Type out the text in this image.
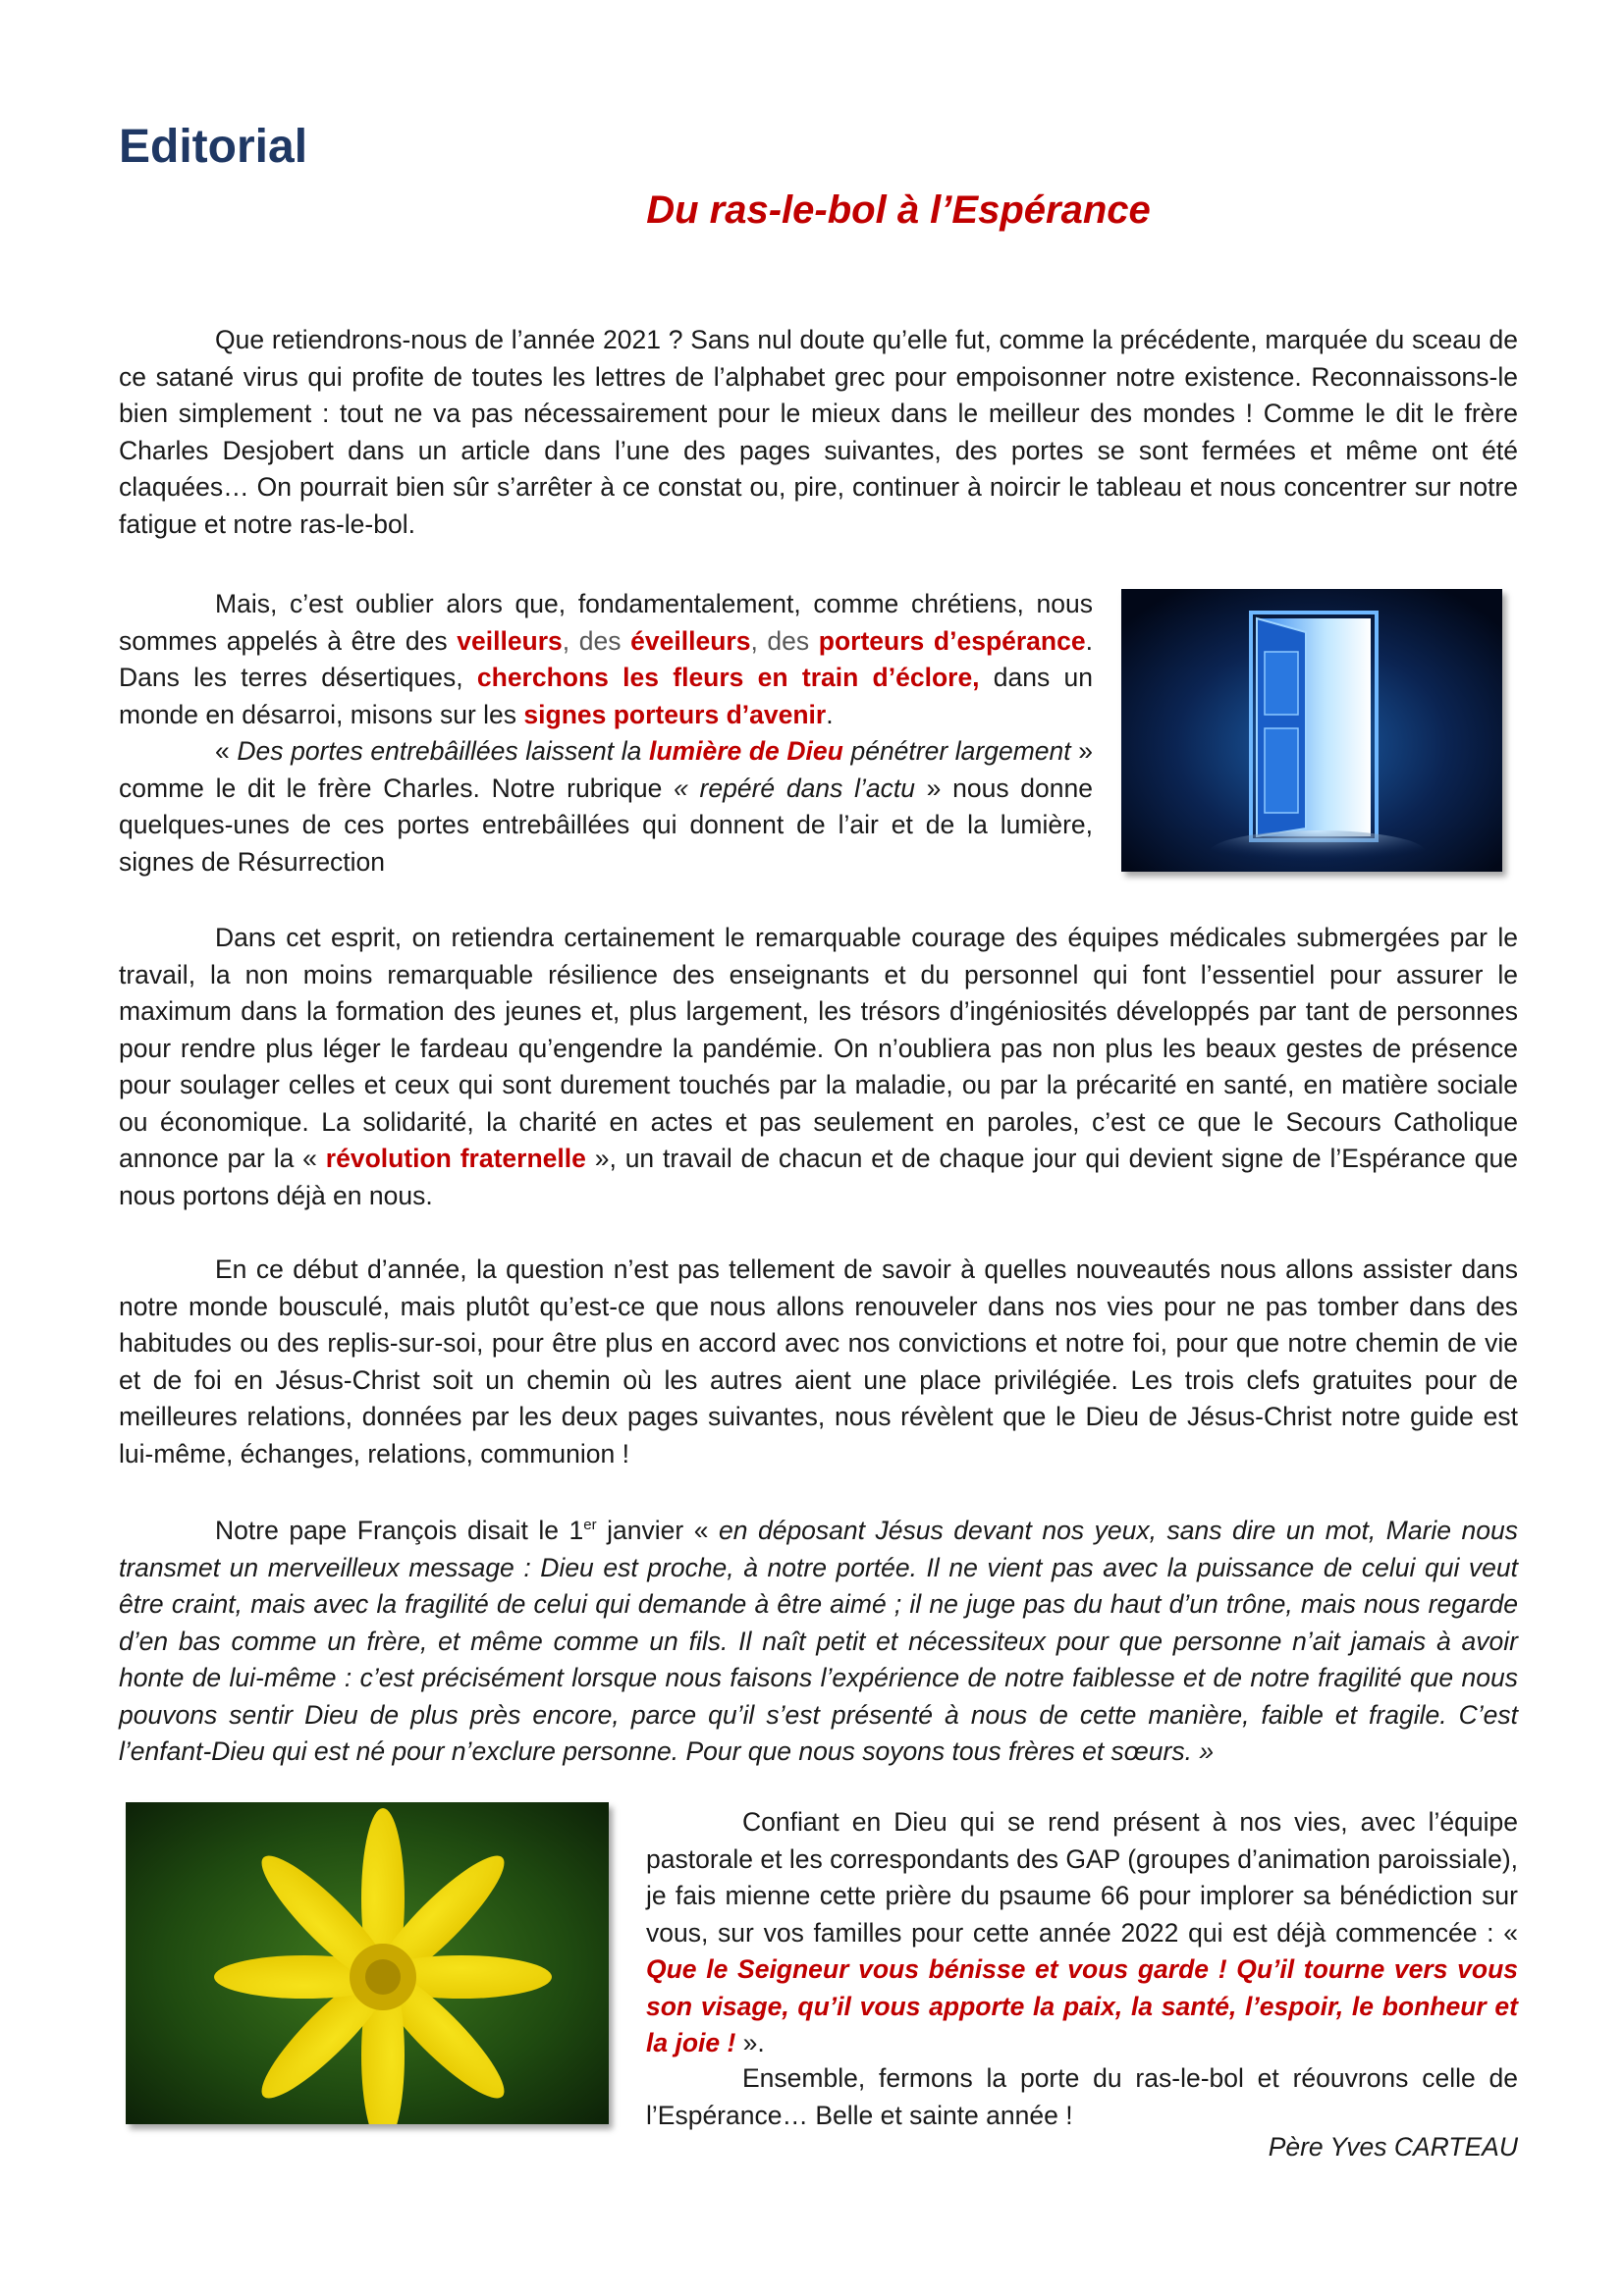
Editorial
Du ras-le-bol à l’Espérance

Que retiendrons-nous de l’année 2021 ? Sans nul doute qu’elle fut, comme la précédente, marquée du sceau de ce satané virus qui profite de toutes les lettres de l’alphabet grec pour empoisonner notre existence. Reconnaissons-le bien simplement : tout ne va pas nécessairement pour le mieux dans le meilleur des mondes ! Comme le dit le frère Charles Desjobert dans un article dans l’une des pages suivantes, des portes se sont fermées et même ont été claquées… On pourrait bien sûr s’arrêter à ce constat ou, pire, continuer à noircir le tableau et nous concentrer sur notre fatigue et notre ras-le-bol.

Mais, c’est oublier alors que, fondamentalement, comme chrétiens, nous sommes appelés à être des veilleurs, des éveilleurs, des porteurs d’espérance. Dans les terres désertiques, cherchons les fleurs en train d’éclore, dans un monde en désarroi, misons sur les signes porteurs d’avenir.
« Des portes entrebâillées laissent la lumière de Dieu pénétrer largement » comme le dit le frère Charles. Notre rubrique « repéré dans l’actu » nous donne quelques-unes de ces portes entrebâillées qui donnent de l’air et de la lumière, signes de Résurrection

Dans cet esprit, on retiendra certainement le remarquable courage des équipes médicales submergées par le travail, la non moins remarquable résilience des enseignants et du personnel qui font l’essentiel pour assurer le maximum dans la formation des jeunes et, plus largement, les trésors d’ingéniosités développés par tant de personnes pour rendre plus léger le fardeau qu’engendre la pandémie. On n’oubliera pas non plus les beaux gestes de présence pour soulager celles et ceux qui sont durement touchés par la maladie, ou par la précarité en santé, en matière sociale ou économique. La solidarité, la charité en actes et pas seulement en paroles, c’est ce que le Secours Catholique annonce par la « révolution fraternelle », un travail de chacun et de chaque jour qui devient signe de l’Espérance que nous portons déjà en nous.

En ce début d’année, la question n’est pas tellement de savoir à quelles nouveautés nous allons assister dans notre monde bousculé, mais plutôt qu’est-ce que nous allons renouveler dans nos vies pour ne pas tomber dans des habitudes ou des replis-sur-soi, pour être plus en accord avec nos convictions et notre foi, pour que notre chemin de vie et de foi en Jésus-Christ soit un chemin où les autres aient une place privilégiée. Les trois clefs gratuites pour de meilleures relations, données par les deux pages suivantes, nous révèlent que le Dieu de Jésus-Christ notre guide est lui-même, échanges, relations, communion !

Notre pape François disait le 1er janvier « en déposant Jésus devant nos yeux, sans dire un mot, Marie nous transmet un merveilleux message : Dieu est proche, à notre portée. Il ne vient pas avec la puissance de celui qui veut être craint, mais avec la fragilité de celui qui demande à être aimé ; il ne juge pas du haut d’un trône, mais nous regarde d’en bas comme un frère, et même comme un fils. Il naît petit et nécessiteux pour que personne n’ait jamais à avoir honte de lui-même : c’est précisément lorsque nous faisons l’expérience de notre faiblesse et de notre fragilité que nous pouvons sentir Dieu de plus près encore, parce qu’il s’est présenté à nous de cette manière, faible et fragile. C’est l’enfant-Dieu qui est né pour n’exclure personne. Pour que nous soyons tous frères et sœurs. »

Confiant en Dieu qui se rend présent à nos vies, avec l’équipe pastorale et les correspondants des GAP (groupes d’animation paroissiale), je fais mienne cette prière du psaume 66 pour implorer sa bénédiction sur vous, sur vos familles pour cette année 2022 qui est déjà commencée : « Que le Seigneur vous bénisse et vous garde ! Qu’il tourne vers vous son visage, qu’il vous apporte la paix, la santé, l’espoir, le bonheur et la joie ! ».

Ensemble, fermons la porte du ras-le-bol et réouvrons celle de l’Espérance… Belle et sainte année !

Père Yves CARTEAU
